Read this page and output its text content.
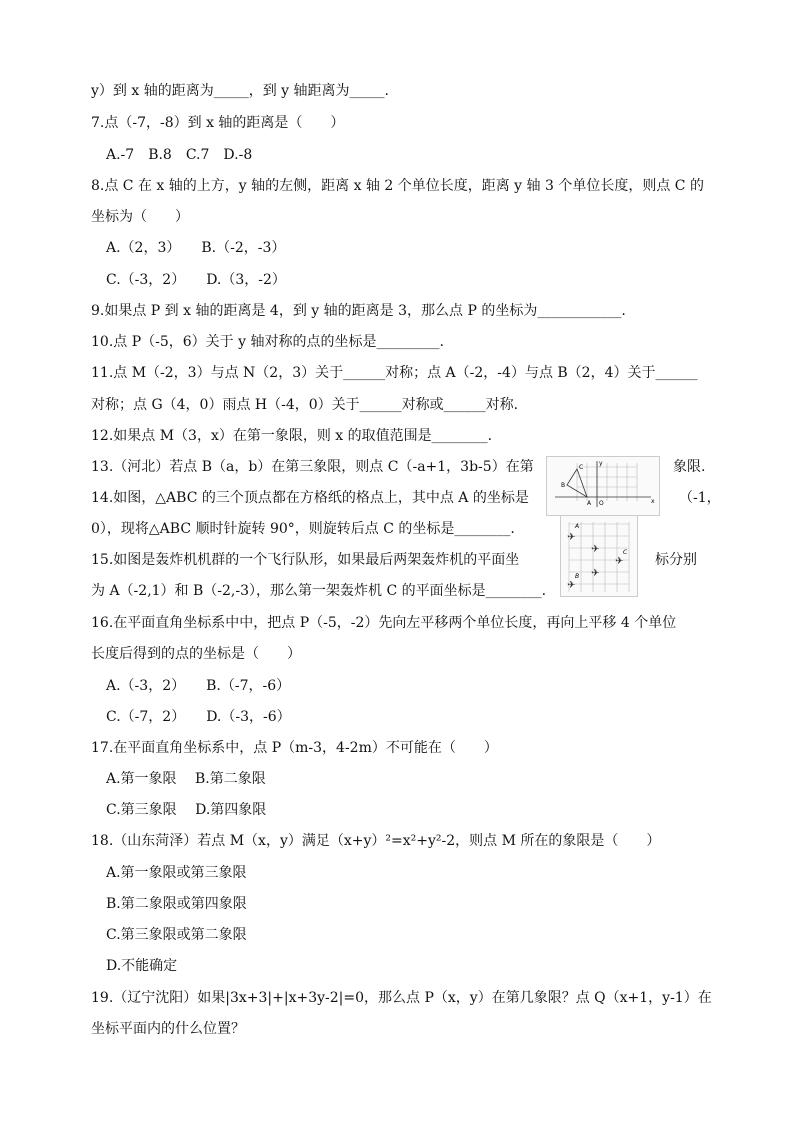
y）到 x 轴的距离为_____，到 y 轴距离为_____.
7.点（-7，-8）到 x 轴的距离是（　　）
A.-7　B.8　C.7　D.-8
8.点 C 在 x 轴的上方，y 轴的左侧，距离 x 轴 2 个单位长度，距离 y 轴 3 个单位长度，则点 C 的
坐标为（　　）
A.（2，3）　　B.（-2，-3）
C.（-3，2）　　D.（3，-2）
9.如果点 P 到 x 轴的距离是 4，到 y 轴的距离是 3，那么点 P 的坐标为____________.
10.点 P（-5，6）关于 y 轴对称的点的坐标是_________.
11.点 M（-2，3）与点 N（2，3）关于______对称；点 A（-2，-4）与点 B（2，4）关于______
对称；点 G（4，0）雨点 H（-4，0）关于______对称或______对称.
12.如果点 M（3，x）在第一象限，则 x 的取值范围是________.
13.（河北）若点 B（a，b）在第三象限，则点 C（-a+1，3b-5）在第	象限.
14.如图，△ABC 的三个顶点都在方格纸的格点上，其中点 A 的坐标是	（-1，
0），现将△ABC 顺时针旋转 90°，则旋转后点 C 的坐标是________.
15.如图是轰炸机机群的一个飞行队形，如果最后两架轰炸机的平面坐	标分别
为 A（-2,1）和 B（-2,-3），那么第一架轰炸机 C 的平面坐标是________.
16.在平面直角坐标系中中，把点 P（-5，-2）先向左平移两个单位长度，再向上平移 4 个单位
长度后得到的点的坐标是（　　）
A.（-3，2）　　B.（-7，-6）
C.（-7，2）　　D.（-3，-6）
17.在平面直角坐标系中，点 P（m-3，4-2m）不可能在（　　）
A.第一象限　 B.第二象限
C.第三象限　 D.第四象限
18.（山东菏泽）若点 M（x，y）满足（x+y）²=x²+y²-2，则点 M 所在的象限是（　　）
A.第一象限或第三象限
B.第二象限或第四象限
C.第三象限或第二象限
D.不能确定
19.（辽宁沈阳）如果|3x+3|+|x+3y-2|=0，那么点 P（x，y）在第几象限？点 Q（x+1，y-1）在
坐标平面内的什么位置？
y
C
B
A O	x
✈
✈
✈
✈
✈
A
B
C
